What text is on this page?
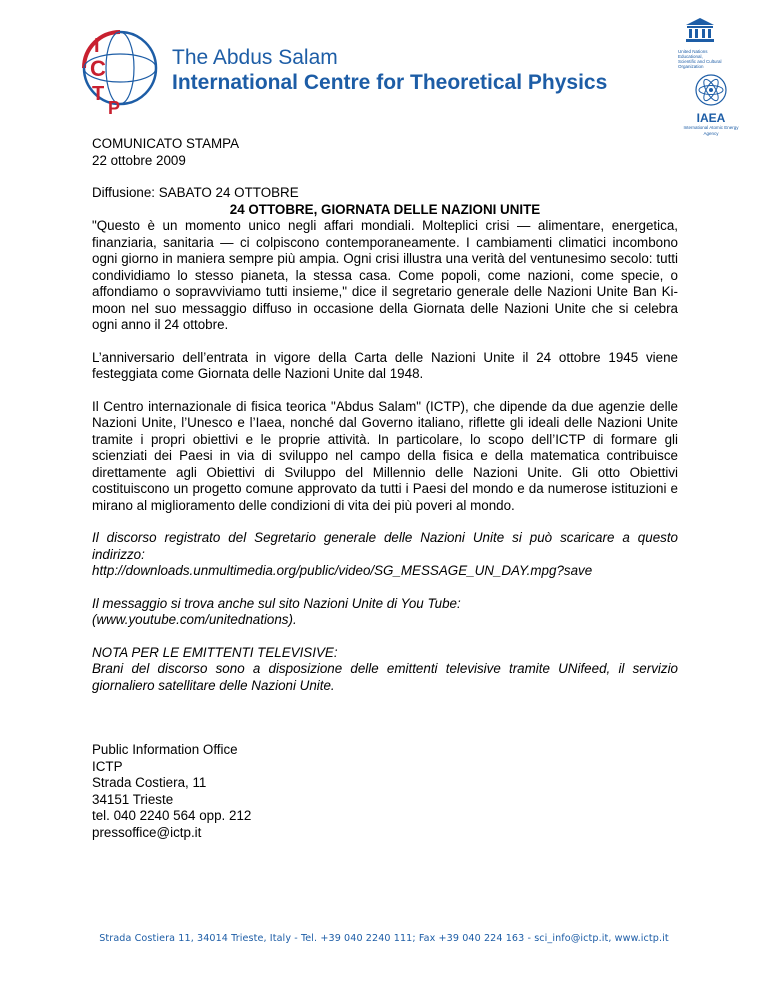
I
C
T
P
The Abdus Salam
International Centre for Theoretical Physics
United Nations Educational, Scientific and Cultural Organization
IAEA
International Atomic Energy Agency

COMUNICATO STAMPA

22 ottobre 2009

Diffusione: SABATO 24 OTTOBRE

24 OTTOBRE, GIORNATA DELLE NAZIONI UNITE

"Questo è un momento unico negli affari mondiali. Molteplici crisi — alimentare, energetica, finanziaria, sanitaria — ci colpiscono contemporaneamente. I cambiamenti climatici incombono ogni giorno in maniera sempre più ampia. Ogni crisi illustra una verità del ventunesimo secolo: tutti condividiamo lo stesso pianeta, la stessa casa. Come popoli, come nazioni, come specie, o affondiamo o sopravviviamo tutti insieme," dice il segretario generale delle Nazioni Unite Ban Ki-moon nel suo messaggio diffuso in occasione della Giornata delle Nazioni Unite che si celebra ogni anno il 24 ottobre.

L’anniversario dell’entrata in vigore della Carta delle Nazioni Unite il 24 ottobre 1945 viene festeggiata come Giornata delle Nazioni Unite dal 1948.

Il Centro internazionale di fisica teorica "Abdus Salam" (ICTP), che dipende da due agenzie delle Nazioni Unite, l’Unesco e l’Iaea, nonché dal Governo italiano, riflette gli ideali delle Nazioni Unite tramite i propri obiettivi e le proprie attività. In particolare, lo scopo dell’ICTP di formare gli scienziati dei Paesi in via di sviluppo nel campo della fisica e della matematica contribuisce direttamente agli Obiettivi di Sviluppo del Millennio delle Nazioni Unite. Gli otto Obiettivi costituiscono un progetto comune approvato da tutti i Paesi del mondo e da numerose istituzioni e mirano al miglioramento delle condizioni di vita dei più poveri al mondo.

Il discorso registrato del Segretario generale delle Nazioni Unite si può scaricare a questo indirizzo:

http://downloads.unmultimedia.org/public/video/SG_MESSAGE_UN_DAY.mpg?save

Il messaggio si trova anche sul sito Nazioni Unite di You Tube:

(www.youtube.com/unitednations).

NOTA PER LE EMITTENTI TELEVISIVE:

Brani del discorso sono a disposizione delle emittenti televisive tramite UNifeed, il servizio giornaliero satellitare delle Nazioni Unite.

Public Information Office

ICTP

Strada Costiera, 11

34151 Trieste

tel. 040 2240 564 opp. 212

pressoffice@ictp.it

Strada Costiera 11, 34014 Trieste, Italy - Tel. +39 040 2240 111; Fax +39 040 224 163 - sci_info@ictp.it, www.ictp.it
